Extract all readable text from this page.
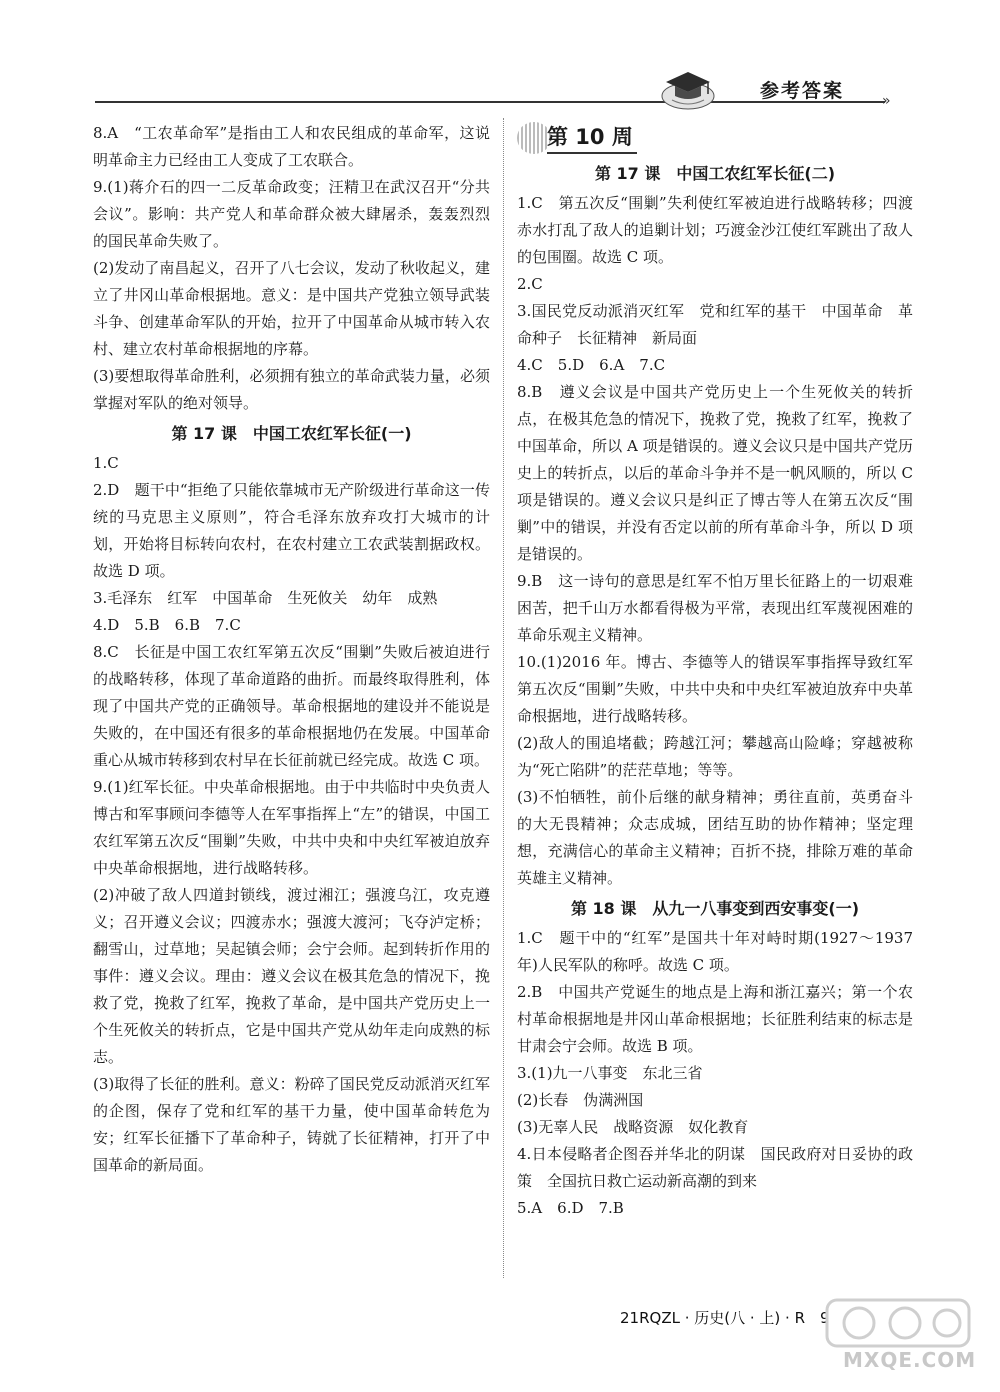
»
参考答案

8.A　“工农革命军”是指由工人和农民组成的革命军，这说明革命主力已经由工人变成了工农联合。

9.(1)蒋介石的四一二反革命政变；汪精卫在武汉召开“分共会议”。影响：共产党人和革命群众被大肆屠杀，轰轰烈烈的国民革命失败了。

(2)发动了南昌起义，召开了八七会议，发动了秋收起义，建立了井冈山革命根据地。意义：是中国共产党独立领导武装斗争、创建革命军队的开始，拉开了中国革命从城市转入农村、建立农村革命根据地的序幕。

(3)要想取得革命胜利，必须拥有独立的革命武装力量，必须掌握对军队的绝对领导。

第 17 课　中国工农红军长征(一)

1.C

2.D　题干中“拒绝了只能依靠城市无产阶级进行革命这一传统的马克思主义原则”，符合毛泽东放弃攻打大城市的计划，开始将目标转向农村，在农村建立工农武装割据政权。故选 D 项。

3.毛泽东　红军　中国革命　生死攸关　幼年　成熟

4.D　5.B　6.B　7.C

8.C　长征是中国工农红军第五次反“围剿”失败后被迫进行的战略转移，体现了革命道路的曲折。而最终取得胜利，体现了中国共产党的正确领导。革命根据地的建设并不能说是失败的，在中国还有很多的革命根据地仍在发展。中国革命重心从城市转移到农村早在长征前就已经完成。故选 C 项。

9.(1)红军长征。中央革命根据地。由于中共临时中央负责人博古和军事顾问李德等人在军事指挥上“左”的错误，中国工农红军第五次反“围剿”失败，中共中央和中央红军被迫放弃中央革命根据地，进行战略转移。

(2)冲破了敌人四道封锁线，渡过湘江；强渡乌江，攻克遵义；召开遵义会议；四渡赤水；强渡大渡河；飞夺泸定桥；翻雪山，过草地；吴起镇会师；会宁会师。起到转折作用的事件：遵义会议。理由：遵义会议在极其危急的情况下，挽救了党，挽救了红军，挽救了革命，是中国共产党历史上一个生死攸关的转折点，它是中国共产党从幼年走向成熟的标志。

(3)取得了长征的胜利。意义：粉碎了国民党反动派消灭红军的企图，保存了党和红军的基干力量，使中国革命转危为安；红军长征播下了革命种子，铸就了长征精神，打开了中国革命的新局面。

第 10 周

第 17 课　中国工农红军长征(二)

1.C　第五次反“围剿”失利使红军被迫进行战略转移；四渡赤水打乱了敌人的追剿计划；巧渡金沙江使红军跳出了敌人的包围圈。故选 C 项。

2.C

3.国民党反动派消灭红军　党和红军的基干　中国革命　革命种子　长征精神　新局面

4.C　5.D　6.A　7.C

8.B　遵义会议是中国共产党历史上一个生死攸关的转折点，在极其危急的情况下，挽救了党，挽救了红军，挽救了中国革命，所以 A 项是错误的。遵义会议只是中国共产党历史上的转折点，以后的革命斗争并不是一帆风顺的，所以 C 项是错误的。遵义会议只是纠正了博古等人在第五次反“围剿”中的错误，并没有否定以前的所有革命斗争，所以 D 项是错误的。

9.B　这一诗句的意思是红军不怕万里长征路上的一切艰难困苦，把千山万水都看得极为平常，表现出红军蔑视困难的革命乐观主义精神。

10.(1)2016 年。博古、李德等人的错误军事指挥导致红军第五次反“围剿”失败，中共中央和中央红军被迫放弃中央革命根据地，进行战略转移。

(2)敌人的围追堵截；跨越江河；攀越高山险峰；穿越被称为“死亡陷阱”的茫茫草地；等等。

(3)不怕牺牲，前仆后继的献身精神；勇往直前，英勇奋斗的大无畏精神；众志成城，团结互助的协作精神；坚定理想，充满信心的革命主义精神；百折不挠，排除万难的革命英雄主义精神。

第 18 课　从九一八事变到西安事变(一)

1.C　题干中的“红军”是国共十年对峙时期(1927～1937 年)人民军队的称呼。故选 C 项。

2.B　中国共产党诞生的地点是上海和浙江嘉兴；第一个农村革命根据地是井冈山革命根据地；长征胜利结束的标志是甘肃会宁会师。故选 B 项。

3.(1)九一八事变　东北三省

(2)长春　伪满洲国

(3)无辜人民　战略资源　奴化教育

4.日本侵略者企图吞并华北的阴谋　国民政府对日妥协的政策　全国抗日救亡运动新高潮的到来

5.A　6.D　7.B

21RQZL · 历史(八 · 上) · R　9
MXQE.COM
